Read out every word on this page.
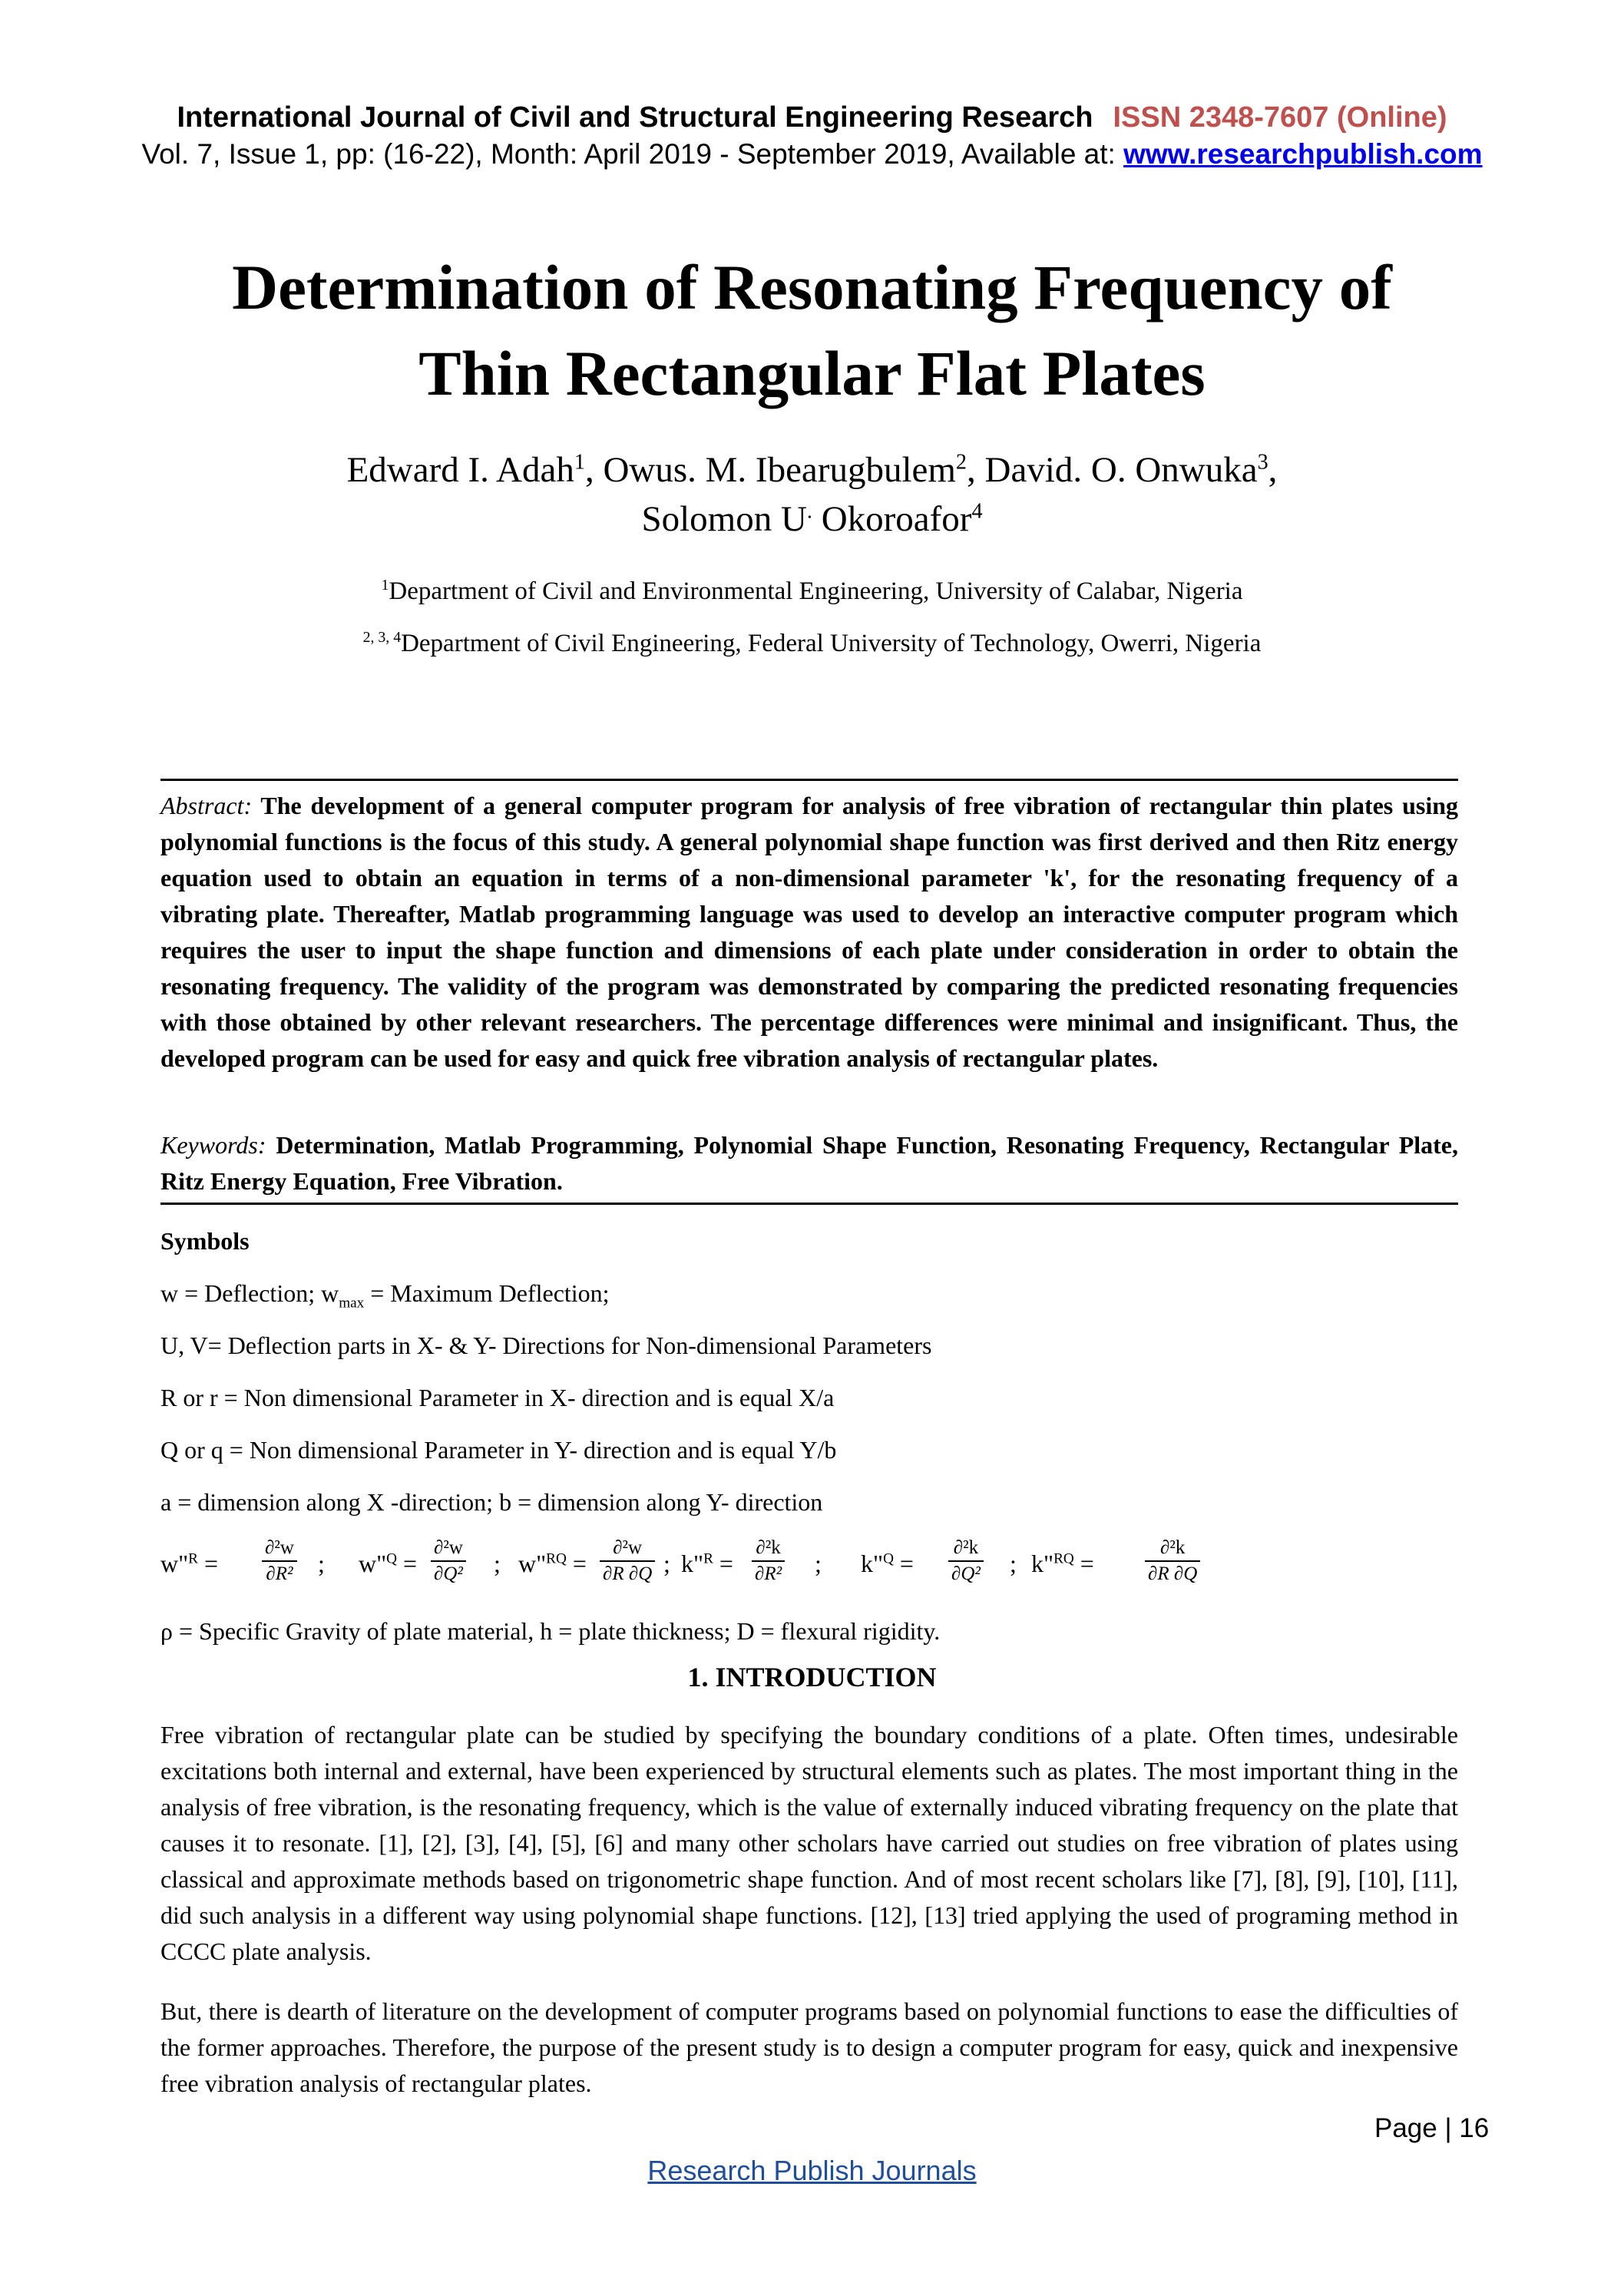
International Journal of Civil and Structural Engineering Research ISSN 2348-7607 (Online)
Vol. 7, Issue 1, pp: (16-22), Month: April 2019 - September 2019, Available at: www.researchpublish.com
Determination of Resonating Frequency of
Thin Rectangular Flat Plates
Edward I. Adah$^1$, Owus. M. Ibearugbulem$^2$, David. O. Onwuka$^3$,
Solomon U. Okoroafor$^4$
$^1$Department of Civil and Environmental Engineering, University of Calabar, Nigeria
$^{2, 3, 4}$Department of Civil Engineering, Federal University of Technology, Owerri, Nigeria
Abstract: The development of a general computer program for analysis of free vibration of rectangular thin plates using polynomial functions is the focus of this study. A general polynomial shape function was first derived and then Ritz energy equation used to obtain an equation in terms of a non-dimensional parameter 'k', for the resonating frequency of a vibrating plate. Thereafter, Matlab programming language was used to develop an interactive computer program which requires the user to input the shape function and dimensions of each plate under consideration in order to obtain the resonating frequency. The validity of the program was demonstrated by comparing the predicted resonating frequencies with those obtained by other relevant researchers. The percentage differences were minimal and insignificant. Thus, the developed program can be used for easy and quick free vibration analysis of rectangular plates.
Keywords: Determination, Matlab Programming, Polynomial Shape Function, Resonating Frequency, Rectangular Plate, Ritz Energy Equation, Free Vibration.
Symbols
w = Deflection; $w_{max}$ = Maximum Deflection;
U, V= Deflection parts in X- & Y- Directions for Non-dimensional Parameters
R or r = Non dimensional Parameter in X- direction and is equal X/a
Q or q = Non dimensional Parameter in Y- direction and is equal Y/b
a = dimension along X -direction; b = dimension along Y- direction
w"$^R$ = $\frac{\text{∂²w}}{\text{∂R²}}$ ; w"$^Q$ = $\frac{\text{∂²w}}{\text{∂Q²}}$ ; w"$^{RQ}$ = $\frac{\text{∂²w}}{\partial R \partial Q}$ ; k"$^R$ = $\frac{\text{∂²k}}{\text{∂R²}}$ ; k"$^Q$ = $\frac{\text{∂²k}}{\text{∂Q²}}$ ; k"$^{RQ}$ =	$\frac{\text{∂²k}}{\partial R \partial Q}$
ρ = Specific Gravity of plate material, h = plate thickness; D = flexural rigidity.
1. INTRODUCTION
Free vibration of rectangular plate can be studied by specifying the boundary conditions of a plate. Often times, undesirable excitations both internal and external, have been experienced by structural elements such as plates. The most important thing in the analysis of free vibration, is the resonating frequency, which is the value of externally induced vibrating frequency on the plate that causes it to resonate. [1], [2], [3], [4], [5], [6] and many other scholars have carried out studies on free vibration of plates using classical and approximate methods based on trigonometric shape function. And of most recent scholars like [7], [8], [9], [10], [11], did such analysis in a different way using polynomial shape functions. [12], [13] tried applying the used of programing method in CCCC plate analysis.
But, there is dearth of literature on the development of computer programs based on polynomial functions to ease the difficulties of the former approaches. Therefore, the purpose of the present study is to design a computer program for easy, quick and inexpensive free vibration analysis of rectangular plates.
Page | 16
Research Publish Journals
